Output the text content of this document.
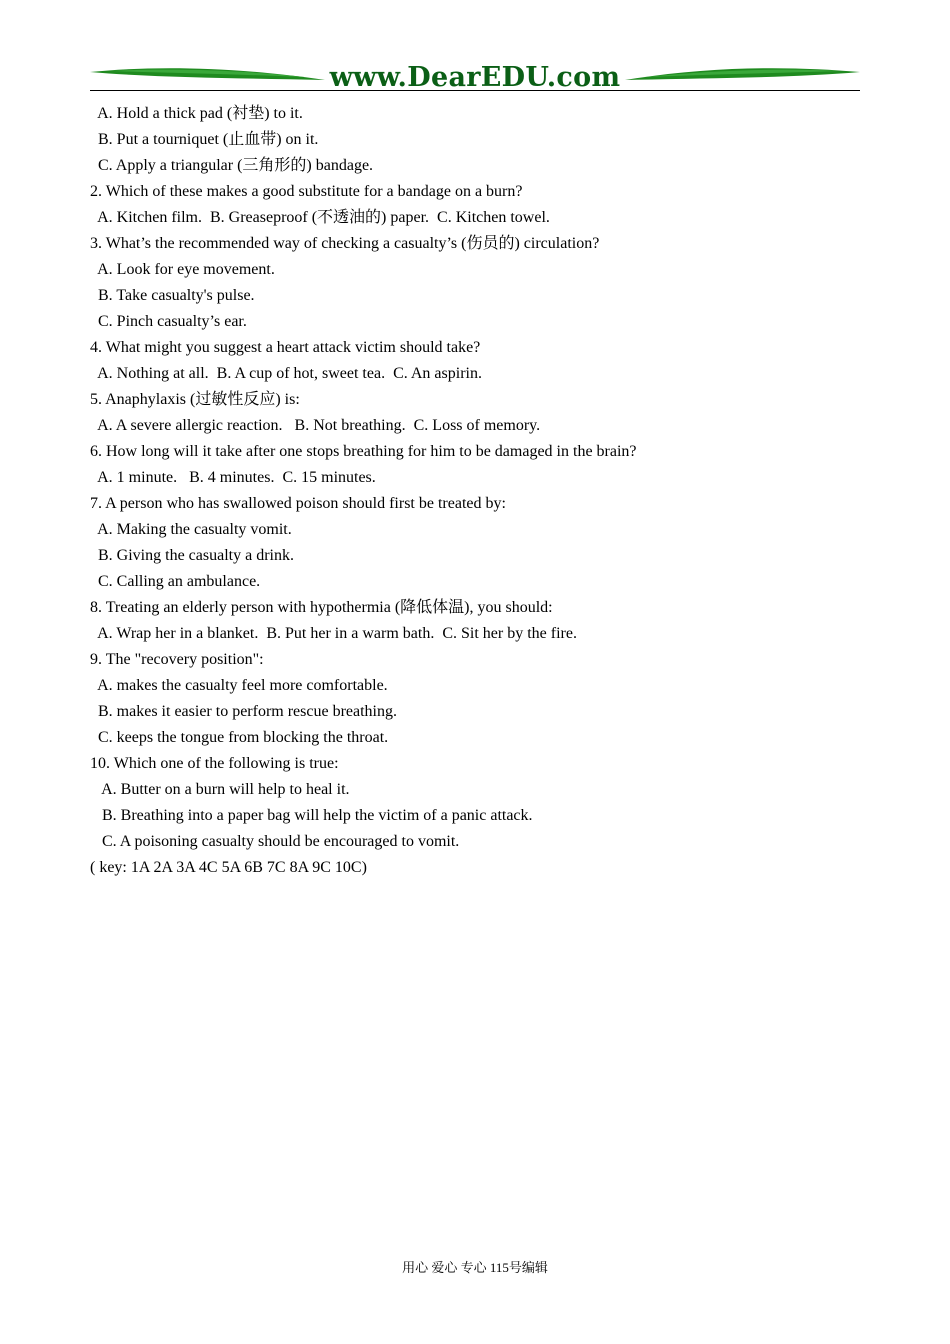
www.DearEDU.com
A. Hold a thick pad (衬垫) to it.
B. Put a tourniquet (止血带) on it.
C. Apply a triangular (三角形的) bandage.
2. Which of these makes a good substitute for a bandage on a burn?
A. Kitchen film.  B. Greaseproof (不透油的) paper.  C. Kitchen towel.
3. What’s the recommended way of checking a casualty’s (伤员的) circulation?
A. Look for eye movement.
B. Take casualty's pulse.
C. Pinch casualty’s ear.
4. What might you suggest a heart attack victim should take?
A. Nothing at all.  B. A cup of hot, sweet tea.  C. An aspirin.
5. Anaphylaxis (过敏性反应) is:
A. A severe allergic reaction.   B. Not breathing.  C. Loss of memory.
6. How long will it take after one stops breathing for him to be damaged in the brain?
A. 1 minute.   B. 4 minutes.  C. 15 minutes.
7. A person who has swallowed poison should first be treated by:
A. Making the casualty vomit.
B. Giving the casualty a drink.
C. Calling an ambulance.
8. Treating an elderly person with hypothermia (降低体温), you should:
A. Wrap her in a blanket.  B. Put her in a warm bath.  C. Sit her by the fire.
9. The "recovery position":
A. makes the casualty feel more comfortable.
B. makes it easier to perform rescue breathing.
C. keeps the tongue from blocking the throat.
10. Which one of the following is true:
A. Butter on a burn will help to heal it.
B. Breathing into a paper bag will help the victim of a panic attack.
C. A poisoning casualty should be encouraged to vomit.
( key: 1A 2A 3A 4C 5A 6B 7C 8A 9C 10C)
用心 爱心 专心 115号编辑
